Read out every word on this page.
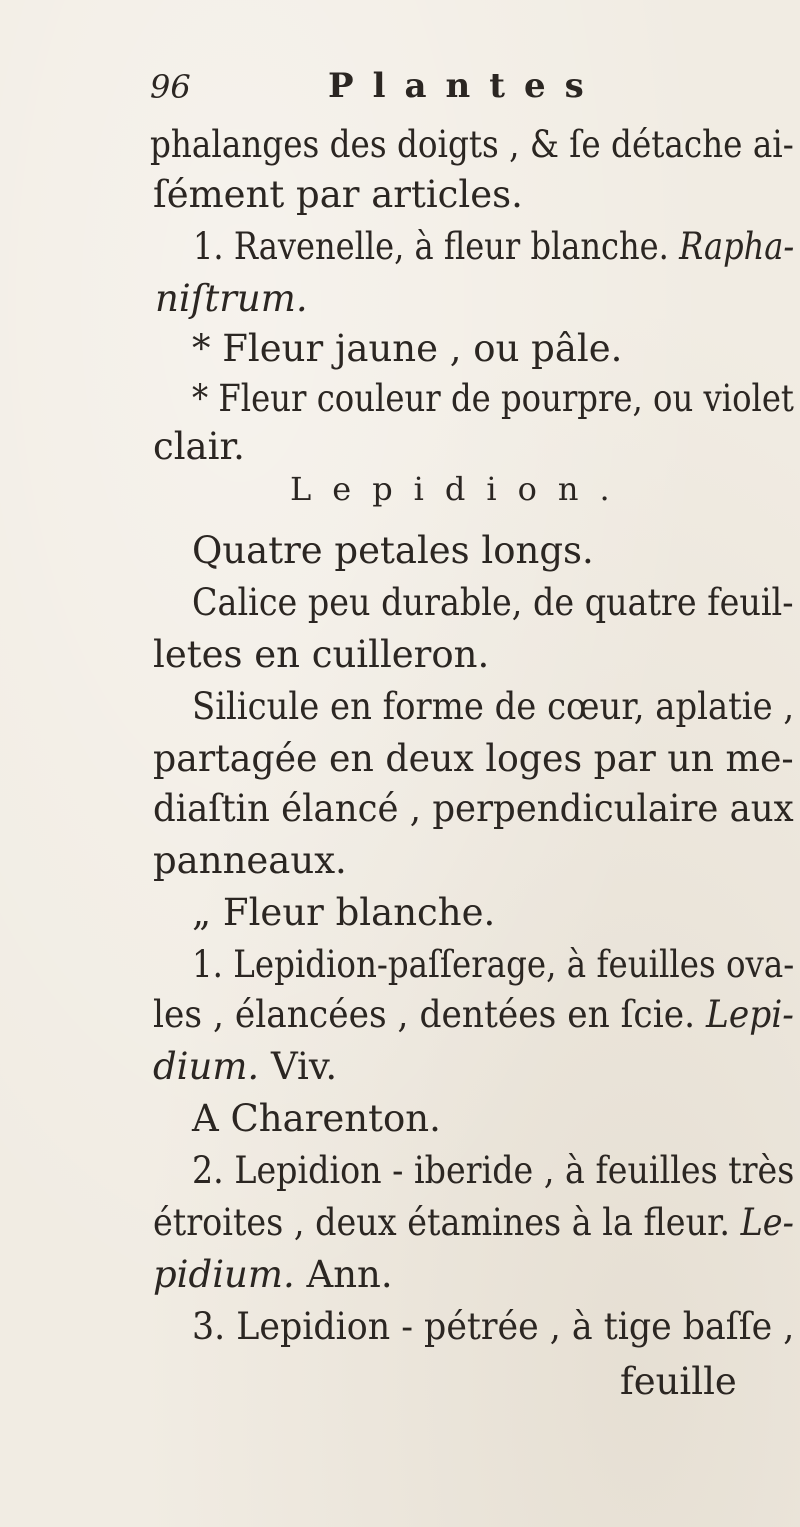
96	Plantes
phalanges des doigts , & ſe détache ai-
ſément par articles.
1. Ravenelle, à fleur blanche. Rapha-
niſtrum.
* Fleur jaune , ou pâle.
* Fleur couleur de pourpre, ou violet
clair.
Lepidion.
Quatre petales longs.
Calice peu durable, de quatre feuil-
letes en cuilleron.
Silicule en forme de cœur, aplatie ,
partagée en deux loges par un me-
diaſtin élancé , perpendiculaire aux
panneaux.
„ Fleur blanche.
1. Lepidion-paſſerage, à feuilles ova-
les , élancées , dentées en ſcie. Lepi-
dium. Viv.
A Charenton.
2. Lepidion - iberide , à feuilles très
étroites , deux étamines à la fleur. Le-
pidium. Ann.
3. Lepidion - pétrée , à tige baſſe ,
feuille
